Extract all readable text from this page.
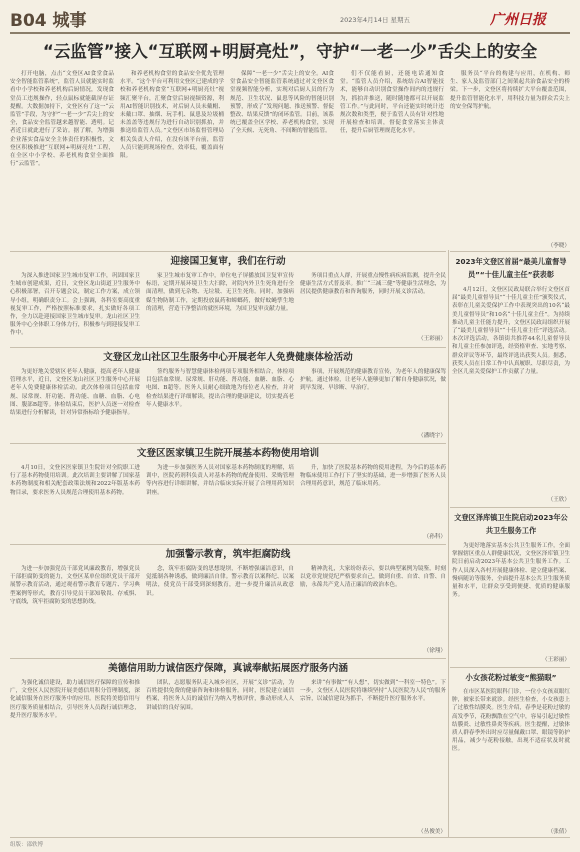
B04 城事	2023年4月14日 星期五	广州日报
“云监管”接入“互联网+明厨亮灶”，守护“一老一少”舌尖上的安全

打开电脑，点击“文登区AI食堂食品安全智能监管系统”，监管人员就能实时监看中小学校和养老机构后厨情况，发现食堂员工违规操作，轻点鼠标就能截屏存证提醒。大数据加持下，文登区有了这一“云监管”手段，为守护“一老一少”舌尖上的安全，食品安全监管越来越智能、透明。记者近日就此进行了采访。据了解，为增强企业落实食品安全主体责任的积极性，文登区积极推进“互联网+明厨亮灶”工程，在全区中小学校、养老机构食堂全面推行“云监管”。

和养老机构食堂的食品安全优先管理水平。“这个平台可利用文登区已建成的学校和养老机构食堂“互联网+明厨亮灶”视频汇聚平台，汇聚食堂后厨视频资源，利用AI智能识别技术，对后厨人员未戴帽、未戴口罩、抽烟、玩手机、鼠患及垃圾桶未盖盖等违规行为进行自动识别抓拍，并推送给监管人员。”文登区市场监督管理局相关负责人介绍，在没有该平台前，监管人员只能到现场检查，效率低，覆盖面有限。

保障“一老一少”舌尖上的安全。AI食堂食品安全智能监管系统通过对文登区食堂视频智能分析，实现对后厨人员的行为规范、卫生状况、鼠患等风险的智能识别预警，形成了“发现问题、推送预警、督促整改、结果反馈”的闭环监管。目前，该系统已覆盖全区学校、养老机构食堂，实现了全天候、无死角、不间断的智能监管。

们不仅能看厨，还能电话通知食堂。“监管人员介绍，系统结合AI智能技术，能够自动识别食堂操作间内的违规行为，抓拍并推送，随时随地都可以开展监管工作。”与此同时，平台还能实时统计违规次数和类型，便于监管人员有针对性地开展检查和培训，督促食堂落实主体责任，提升后厨管理规范化水平。

服务员“平台的构建与应用，在机构、师生、家人及监管部门之间架起共治食品安全的桥梁。下一步，文登区将持续扩大平台覆盖范围，提升监管智能化水平，用科技力量为群众舌尖上的安全保驾护航。

（李晓）
迎接国卫复审，我们在行动

为深入推进国家卫生城市复审工作，巩固国家卫生城市创建成果，近日，文登区龙山街道卫生服务中心积极部署，召开专题会议，制定工作方案，成立领导小组，明确职责分工。会上强调，各科室要高度重视复审工作，严格按照标准要求，扎实做好各项工作，全力以赴迎接国家卫生城市复审。龙山社区卫生服务中心全体职工身体力行，积极参与到迎接复审工作中。

家卫生城市复审工作中，单位电子屏播放国卫复审宣传标语，定期开展环境卫生大扫除，对院内外卫生死角进行全面清理，做到无杂物、无垃圾、无卫生死角。同时，加强病媒生物防制工作，定期投放鼠药和蟑螂药，做好蚊蝇孳生地的清理，营造干净整洁的就医环境，为国卫复审贡献力量。

务项目重点人群，开展重点慢性病疾病监测，提升全民健康生活方式普及率。推广“三减三健”等健康生活理念，为居民提供健康教育和咨询服务，同时开展义诊活动。

（王彩丽）
文登区龙山社区卫生服务中心开展老年人免费健康体检活动

为更好地关爱辖区老年人健康，提高老年人健康管理水平，近日，文登区龙山社区卫生服务中心开展老年人免费健康体检活动。此次体检项目包括血常规、尿常规、肝功能、肾功能、血糖、血脂、心电图、腹部B超等。体检结束后，医护人员逐一对检查结果进行分析解读，针对异常指标给予健康指导。

签约服务与智慧健康体检两项专项服务相结合，体检项目包括血常规、尿常规、肝功能、肾功能、血糖、血脂、心电图、B超等。医务人员耐心细致地为每位老人检查，并对检查结果进行详细解读，提出合理的健康建议，切实提高老年人健康水平。

事项，开展规范的健康教育宣传，为老年人的健康保驾护航。通过体检，让老年人能够更加了解自身健康状况，做到早发现、早诊断、早治疗。

（潘晓宇）
文登区医家镇卫生院开展基本药物使用培训

4月10日，文登区医家镇卫生院针对全院职工进行了基本药物使用培训。此次培训主要讲解了国家基本药物制度和相关配套政策法规和2022年版基本药物目录，要求医务人员规范合理使用基本药物。

为进一步加强医务人员对国家基本药物制度的理解，培训中，医院药剂科负责人对基本药物的配备使用、采购管理等内容进行详细讲解，并结合临床实际开展了合理用药知识讲座。

升，加快了医院基本药物的使用进程，为今后的基本药物临床使用工作打下了坚实的基础，进一步增强了医务人员合理用药意识，规范了临床用药。

（孙科）
加强警示教育，筑牢拒腐防线

为进一步加强党员干部党风廉政教育，增强党员干部拒腐防变的能力，文登区某单位组织党员干部开展警示教育活动，通过观看警示教育专题片、学习典型案例等形式，教育引导党员干部知敬畏、存戒惧、守底线，筑牢拒腐防变的思想防线。

念，筑牢拒腐防变的思想堤坝，不断增强廉洁意识，自觉抵制各种诱惑，做到廉洁自律。警示教育以案释纪、以案明法，使党员干部受到深刻教育，进一步提升廉洁从政意识。

精神洗礼，大家纷纷表示，要以典型案例为镜鉴，时刻以党章党规党纪严格要求自己，做到自重、自省、自警、自励，永葆共产党人清正廉洁的政治本色。

（徐翔）
美德信用助力诚信医疗保障，真诚奉献拓展医疗服务内涵

为强化诚信建设，助力诚信医疗保障的宣传和推广，文登区人民医院开展美德信用积分管理制度，深化诚信服务在医疗服务中的应用。医院将美德信用与医疗服务质量相结合，引导医务人员践行诚信理念，提升医疗服务水平。

团队，志愿服务队走入城乡社区，开展“义诊”活动，为百姓提供免费的健康咨询和体检服务。同时，医院建立诚信档案，将医务人员的诚信行为纳入考核评价，推动形成人人讲诚信的良好氛围。

来讲“有事做”“有人想”，切实做到“一科室一特色”。下一步，文登区人民医院将继续坚持“人民医院为人民”的服务宗旨，以诚信建设为抓手，不断提升医疗服务水平。

（丛俊美）
2023年文登区首届“最美儿童督导员”“十佳儿童主任”获表彰

4月12日，文登区民政局联合举行文登区首届“最美儿童督导员”“十佳儿童主任”颁奖仪式，表彰在儿童关爱保护工作中表现突出的10名“最美儿童督导员”和10名“十佳儿童主任”。为持续推动儿童主任能力提升，文登区民政局组织开展了“最美儿童督导员”“十佳儿童主任”评选活动。本次评选活动，各镇街共推荐44名儿童督导员和儿童主任参加评选，经资格审查、实地考察、群众评议等环节，最终评选出获奖人员。据悉，获奖人员在日常工作中认真履职、尽职尽责，为全区儿童关爱保护工作贡献了力量。

（王欣）
文登区泽库镇卫生院启动2023年公共卫生服务工作

为更好地落实基本公共卫生服务工作，全面掌握辖区重点人群健康状况，文登区泽库镇卫生院日前启动2023年基本公共卫生服务工作。工作人员深入各村开展健康体检、建立健康档案、慢病随访等服务，全面提升基本公共卫生服务质量和水平，让群众享受到便捷、优质的健康服务。

（王彩丽）
小女孩花粉过敏变“熊猫眼”

在市区某医院眼科门诊，一位小女孩双眼红肿，被家长带来就诊。经医生检查，小女孩患上了过敏性结膜炎。医生介绍，春季是花粉过敏的高发季节，花粉飘散在空气中，容易引起过敏性结膜炎、过敏性鼻炎等疾病。医生提醒，过敏体质人群春季外出时应尽量佩戴口罩、眼镜等防护用品，减少与花粉接触，出现不适症状及时就医。

（张倩）
组版：邵轶博
